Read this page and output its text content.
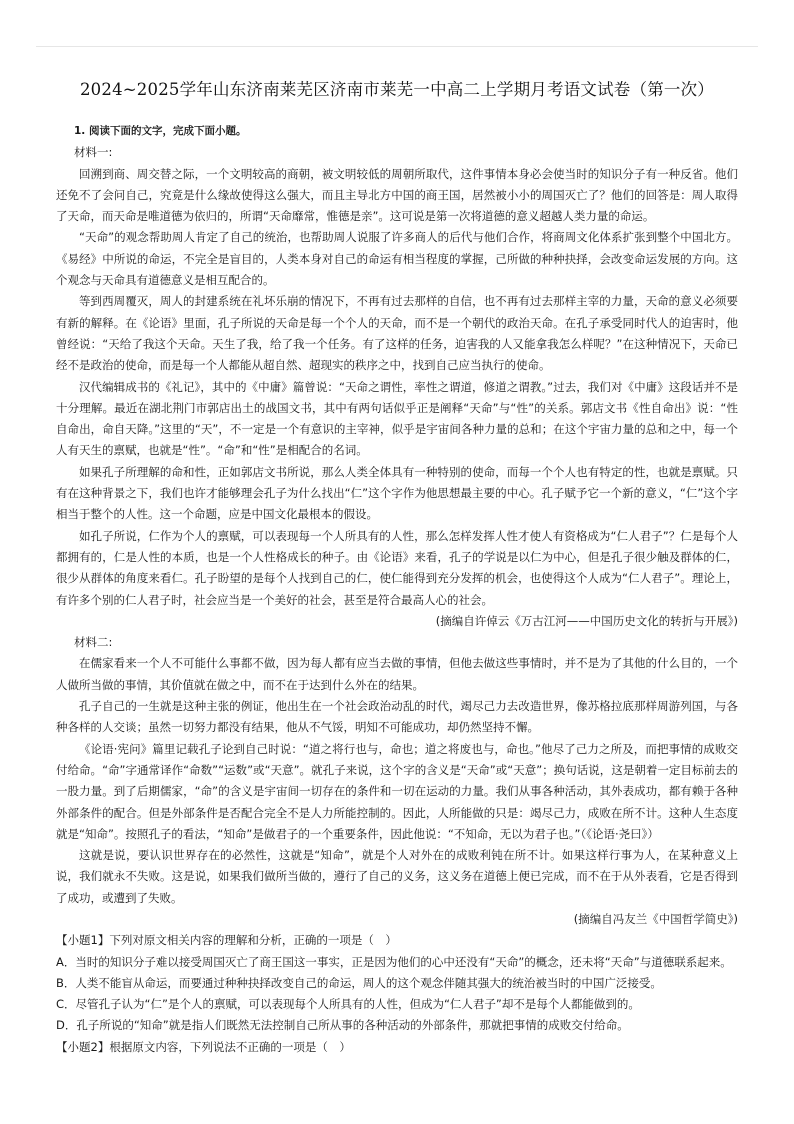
2024~2025学年山东济南莱芜区济南市莱芜一中高二上学期月考语文试卷（第一次）

1. 阅读下面的文字，完成下面小题。

材料一:

回溯到商、周交替之际，一个文明较高的商朝，被文明较低的周朝所取代，这件事情本身必会使当时的知识分子有一种反省。他们还免不了会问自己，究竟是什么缘故使得这么强大，而且主导北方中国的商王国，居然被小小的周国灭亡了？他们的回答是：周人取得了天命，而天命是唯道德为依归的，所谓“天命靡常，惟德是亲”。这可说是第一次将道德的意义超越人类力量的命运。

“天命”的观念帮助周人肯定了自己的统治，也帮助周人说服了许多商人的后代与他们合作，将商周文化体系扩张到整个中国北方。《易经》中所说的命运，不完全是盲目的，人类本身对自己的命运有相当程度的掌握，己所做的种种抉择，会改变命运发展的方向。这个观念与天命具有道德意义是相互配合的。

等到西周覆灭，周人的封建系统在礼坏乐崩的情况下，不再有过去那样的自信，也不再有过去那样主宰的力量，天命的意义必须要有新的解释。在《论语》里面，孔子所说的天命是每一个个人的天命，而不是一个朝代的政治天命。在孔子承受同时代人的迫害时，他曾经说：“天给了我这个天命。天生了我，给了我一个任务。有了这样的任务，迫害我的人又能拿我怎么样呢？”在这种情况下，天命已经不是政治的使命，而是每一个人都能从超自然、超现实的秩序之中，找到自己应当执行的使命。

汉代编辑成书的《礼记》，其中的《中庸》篇曾说：“天命之谓性，率性之谓道，修道之谓教。”过去，我们对《中庸》这段话并不是十分理解。最近在湖北荆门市郭店出土的战国文书，其中有两句话似乎正是阐释“天命”与“性”的关系。郭店文书《性自命出》说：“性自命出，命自天降。”这里的“天”，不一定是一个有意识的主宰神，似乎是宇宙间各种力量的总和；在这个宇宙力量的总和之中，每一个人有天生的禀赋，也就是“性”。“命”和“性”是相配合的名词。

如果孔子所理解的命和性，正如郭店文书所说，那么人类全体具有一种特别的使命，而每一个个人也有特定的性，也就是禀赋。只有在这种背景之下，我们也许才能够理会孔子为什么找出“仁”这个字作为他思想最主要的中心。孔子赋予它一个新的意义，“仁”这个字相当于整个的人性。这一个命题，应是中国文化最根本的假设。

如孔子所说，仁作为个人的禀赋，可以表现每一个人所具有的人性，那么怎样发挥人性才使人有资格成为“仁人君子”？仁是每个人都拥有的，仁是人性的本质，也是一个人性格成长的种子。由《论语》来看，孔子的学说是以仁为中心，但是孔子很少触及群体的仁，很少从群体的角度来看仁。孔子盼望的是每个人找到自己的仁，使仁能得到充分发挥的机会，也使得这个人成为“仁人君子”。理论上，有许多个别的仁人君子时，社会应当是一个美好的社会，甚至是符合最高人心的社会。

(摘编自许倬云《万古江河——中国历史文化的转折与开展》)

材料二:

在儒家看来一个人不可能什么事都不做，因为每人都有应当去做的事情，但他去做这些事情时，并不是为了其他的什么目的，一个人做所当做的事情，其价值就在做之中，而不在于达到什么外在的结果。

孔子自己的一生就是这种主张的例证，他出生在一个社会政治动乱的时代，竭尽己力去改造世界，像苏格拉底那样周游列国，与各种各样的人交谈；虽然一切努力都没有结果，他从不气馁，明知不可能成功，却仍然坚持不懈。

《论语·宪问》篇里记载孔子论到自己时说：“道之将行也与，命也；道之将废也与，命也。”他尽了己力之所及，而把事情的成败交付给命。“命”字通常译作“命数”“运数”或“天意”。就孔子来说，这个字的含义是“天命”或“天意”；换句话说，这是朝着一定目标前去的一股力量。到了后期儒家，“命”的含义是宇宙间一切存在的条件和一切在运动的力量。我们从事各种活动，其外表成功，都有赖于各种外部条件的配合。但是外部条件是否配合完全不是人力所能控制的。因此，人所能做的只是：竭尽己力，成败在所不计。这种人生态度就是“知命”。按照孔子的看法，“知命”是做君子的一个重要条件，因此他说：“不知命，无以为君子也。”（《论语·尧曰》）

这就是说，要认识世界存在的必然性，这就是“知命”，就是个人对外在的成败利钝在所不计。如果这样行事为人，在某种意义上说，我们就永不失败。这是说，如果我们做所当做的，遵行了自己的义务，这义务在道德上便已完成，而不在于从外表看，它是否得到了成功，或遭到了失败。

(摘编自冯友兰《中国哲学简史》)

【小题1】下列对原文相关内容的理解和分析，正确的一项是（　）

A．当时的知识分子难以接受周国灭亡了商王国这一事实，正是因为他们的心中还没有“天命”的概念，还未将“天命”与道德联系起来。

B．人类不能盲从命运，而要通过种种抉择改变自己的命运，周人的这个观念伴随其强大的统治被当时的中国广泛接受。

C．尽管孔子认为“仁”是个人的禀赋，可以表现每个人所具有的人性，但成为“仁人君子”却不是每个人都能做到的。

D．孔子所说的“知命”就是指人们既然无法控制自己所从事的各种活动的外部条件，那就把事情的成败交付给命。

【小题2】根据原文内容，下列说法不正确的一项是（　）
